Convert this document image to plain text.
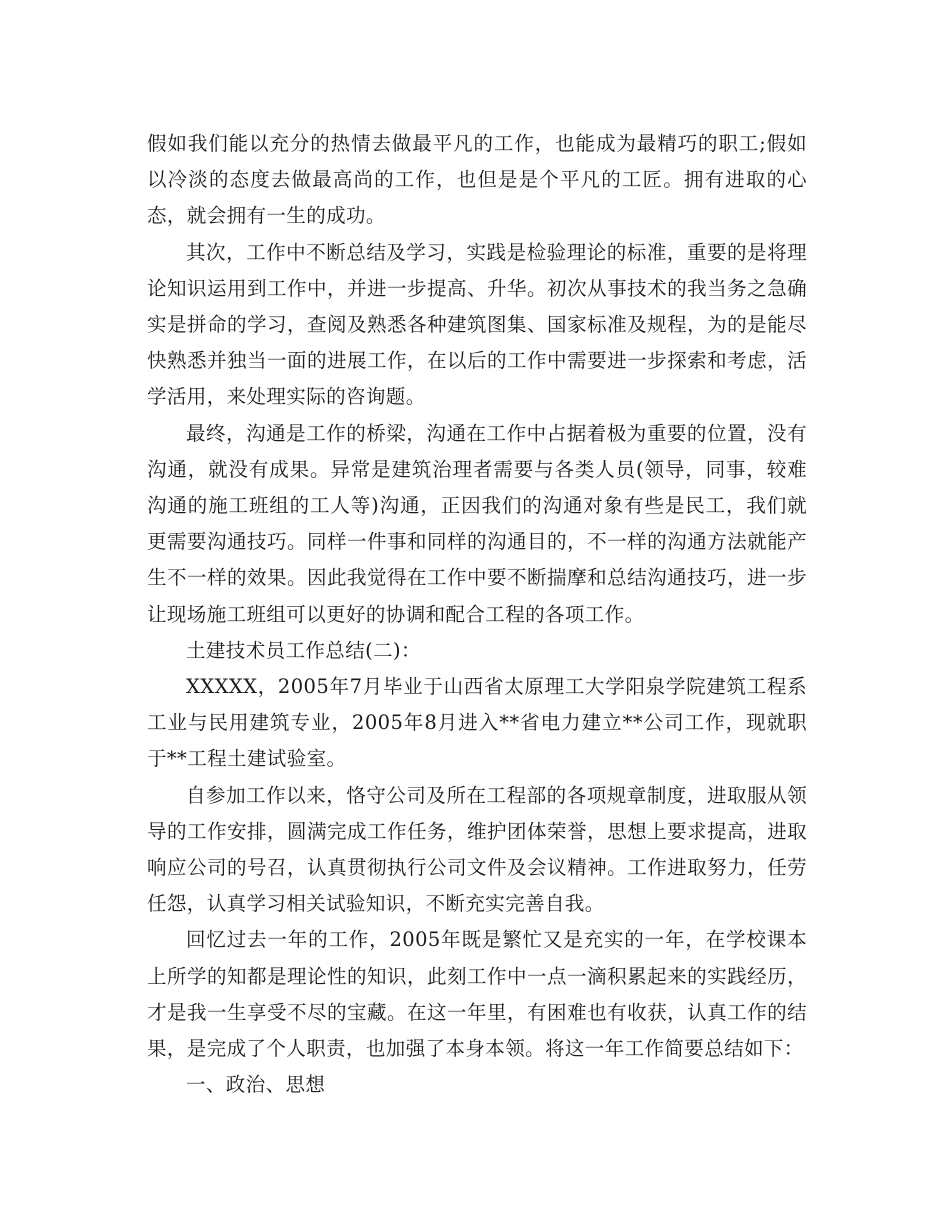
假如我们能以充分的热情去做最平凡的工作，也能成为最精巧的职工;假如以冷淡的态度去做最高尚的工作，也但是是个平凡的工匠。拥有进取的心态，就会拥有一生的成功。

其次，工作中不断总结及学习，实践是检验理论的标准，重要的是将理论知识运用到工作中，并进一步提高、升华。初次从事技术的我当务之急确实是拼命的学习，查阅及熟悉各种建筑图集、国家标准及规程，为的是能尽快熟悉并独当一面的进展工作，在以后的工作中需要进一步探索和考虑，活学活用，来处理实际的咨询题。

最终，沟通是工作的桥梁，沟通在工作中占据着极为重要的位置，没有沟通，就没有成果。异常是建筑治理者需要与各类人员(领导，同事，较难沟通的施工班组的工人等)沟通，正因我们的沟通对象有些是民工，我们就更需要沟通技巧。同样一件事和同样的沟通目的，不一样的沟通方法就能产生不一样的效果。因此我觉得在工作中要不断揣摩和总结沟通技巧，进一步让现场施工班组可以更好的协调和配合工程的各项工作。

土建技术员工作总结(二)：

XXXXX，2005年7月毕业于山西省太原理工大学阳泉学院建筑工程系工业与民用建筑专业，2005年8月进入**省电力建立**公司工作，现就职于**工程土建试验室。

自参加工作以来，恪守公司及所在工程部的各项规章制度，进取服从领导的工作安排，圆满完成工作任务，维护团体荣誉，思想上要求提高，进取响应公司的号召，认真贯彻执行公司文件及会议精神。工作进取努力，任劳任怨，认真学习相关试验知识，不断充实完善自我。

回忆过去一年的工作，2005年既是繁忙又是充实的一年，在学校课本上所学的知都是理论性的知识，此刻工作中一点一滴积累起来的实践经历，才是我一生享受不尽的宝藏。在这一年里，有困难也有收获，认真工作的结果，是完成了个人职责，也加强了本身本领。将这一年工作简要总结如下：

一、政治、思想
